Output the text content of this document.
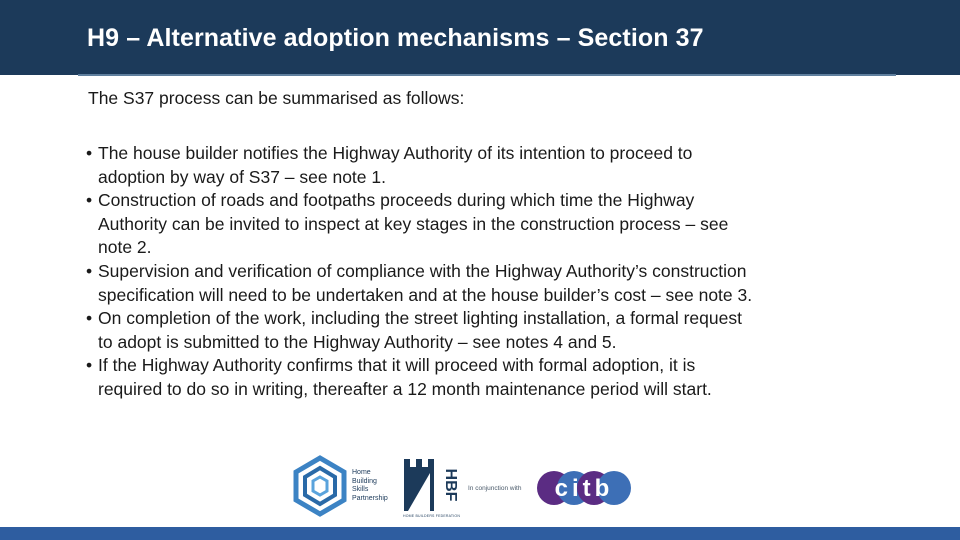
H9 – Alternative adoption mechanisms – Section 37
The S37 process can be summarised as follows:
• The house builder notifies the Highway Authority of its intention to proceed to
adoption by way of S37 – see note 1.
• Construction of roads and footpaths proceeds during which time the Highway
Authority can be invited to inspect at key stages in the construction process – see
note 2.
• Supervision and verification of compliance with the Highway Authority’s construction
specification will need to be undertaken and at the house builder’s cost – see note 3.
• On completion of the work, including the street lighting installation, a formal request
to adopt is submitted to the Highway Authority – see notes 4 and 5.
• If the Highway Authority confirms that it will proceed with formal adoption, it is
required to do so in writing, thereafter a 12 month maintenance period will start.
Home
Building
Skills
Partnership	HBF
HOME BUILDERS FEDERATION
In conjunction with citb
